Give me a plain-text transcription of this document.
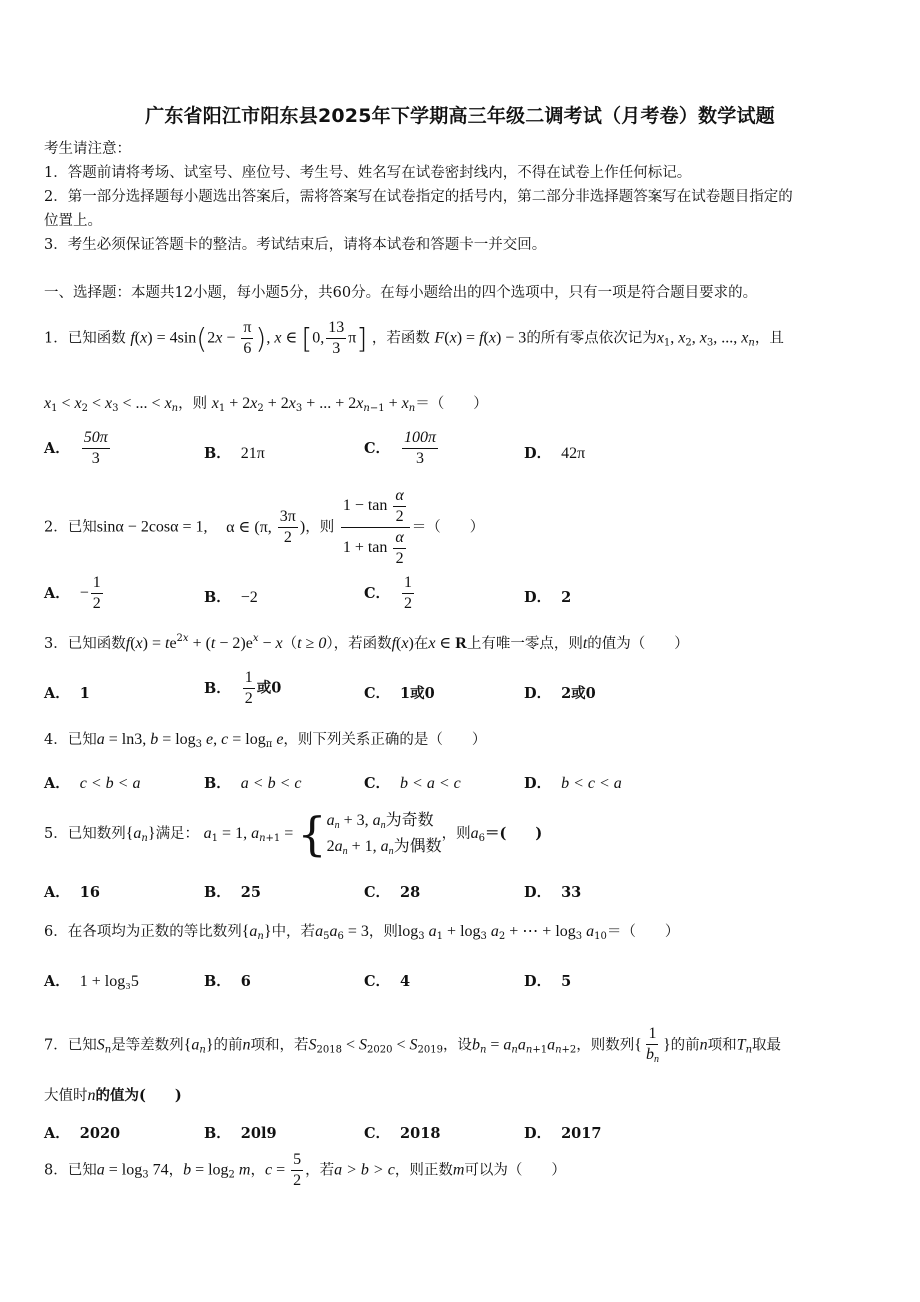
广东省阳江市阳东县2025年下学期高三年级二调考试（月考卷）数学试题
考生请注意：
1．答题前请将考场、试室号、座位号、考生号、姓名写在试卷密封线内，不得在试卷上作任何标记。
2．第一部分选择题每小题选出答案后，需将答案写在试卷指定的括号内，第二部分非选择题答案写在试卷题目指定的
位置上。
3．考生必须保证答题卡的整洁。考试结束后，请将本试卷和答题卡一并交回。
一、选择题：本题共12小题，每小题5分，共60分。在每小题给出的四个选项中，只有一项是符合题目要求的。
1．已知函数 $f(x) = 4\sin(2x - \frac{\pi}{6}$ ), x ∈ [0, $\frac{13}{3} \pi$] ，若函数 F(x) = f(x) − 3的所有零点依次记为$x_1$, $x_2$, $x_3$, ..., $x_n$，且
$x_1 < x_2 < x_3$ < ... < $x_n$，则 $x_1 + 2x_2 + 2x_3$ + ... + $2x_{n-1} + x_n=$（　　）
A． $\frac{50\pi}{3}$	B． 21π	C． $\frac{100\pi}{3}$	D． 42π
2．已知sinα − 2cosα = 1, α ∈ (π, $\frac{3\pi}{2}$ )，则 $\frac{1 - \tan \frac{\alpha}{2}}{1 + \tan \frac{\alpha}{2}}$ ＝（　　）
A． − $\frac{1}{2}$	B． −2	C． $\frac{1}{2}$	D． 2
3．已知函数$f(x) = te^{2x} + (t - 2)e^x - x(t \ge 0)$，若函数f(x)在x ∈ R上有唯一零点，则t的值为（　　）
A． 1	B． $\frac{1}{2}$ 或0	C． 1或0	D． 2或0
4．已知a = ln3, $b = \log_3 e$, $c = \log_\pi e$，则下列关系正确的是（　　）
A． c < b < a	B． a < b < c	C． b < a < c	D． b < c < a
5．已知数列$\{a_n\}$满足： $a_1 = 1$, $a_{n+1}$ = { $a_n + 3$, $a_n$为奇数
$2a_n + 1$, $a_n$为偶数
，则$a_6=$(　　)
A． 16	B． 25	C． 28	D． 33
6．在各项均为正数的等比数列$\{a_n\}$中，若$a_5a_6 = 3$，则$\log_3 a_1 + \log_3 a_2$ + ⋯ + $\log_3 a_{10}=$（　　）
A． 1 + log₃5	B． 6	C． 4	D． 5
7．已知$S_n$是等差数列$\{a_n\}$的前n项和，若$S_{2018} < S_{2020} < S_{2019}$，设$b_n = a_na_{n+1}a_{n+2}$，则数列{ $\frac{1}{b_n}$ }的前n项和$T_n$取最
大值时n的值为(　　)
A． 2020	B． 20l9	C． 2018	D． 2017
8．已知$a = \log_3 74$，$b = \log_2 m$，$c = \frac{5}{2}$ ，若a > b > c，则正数m可以为（　　）
